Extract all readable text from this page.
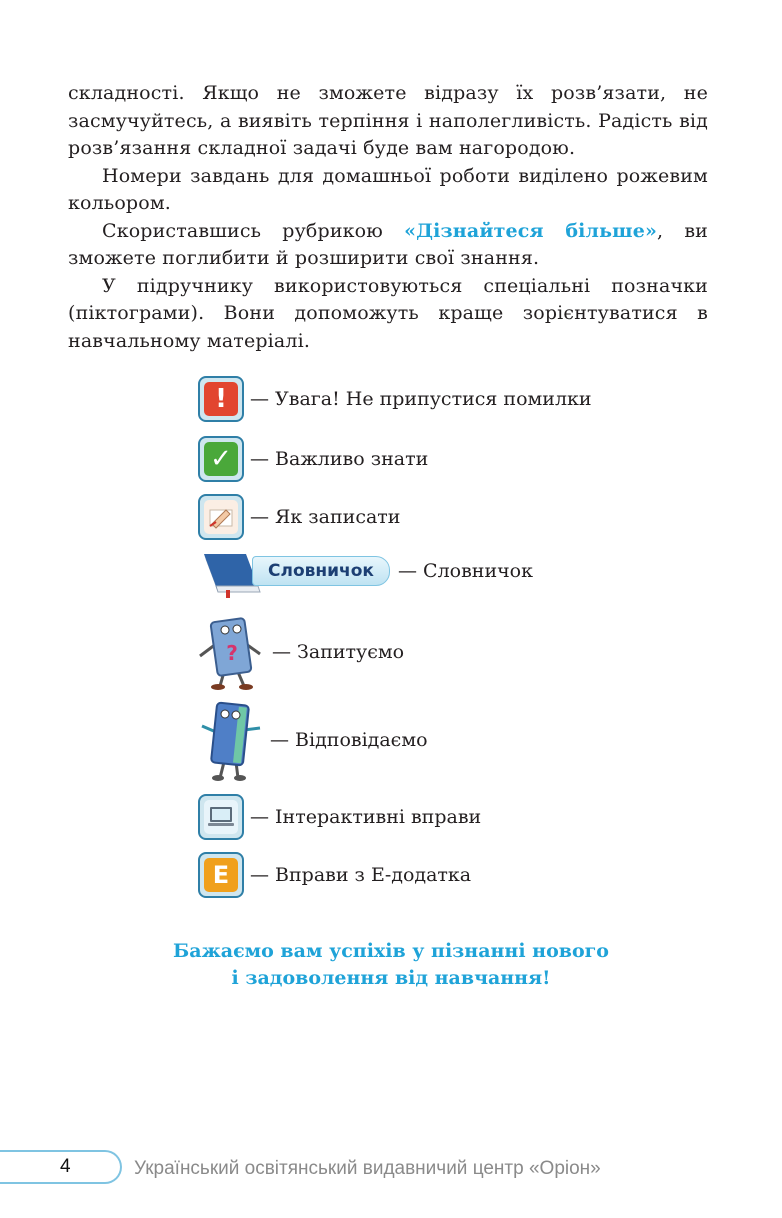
складності. Якщо не зможете відразу їх розв’язати, не засмучуйтесь, а виявіть терпіння і наполегливість. Радість від розв’язання складної задачі буде вам нагородою.

Номери завдань для домашньої роботи виділено рожевим кольором.

Скориставшись рубрикою «Дізнайтеся більше», ви зможете поглибити й розширити свої знання.

У підручнику використовуються спеціальні позначки (піктограми). Вони допоможуть краще зорієнтуватися в навчальному матеріалі.

!	— Увага! Не припустися помилки
✓ — Важливо знати
— Як записати
Словничок	— Словничок
? — Запитуємо
— Відповідаємо
— Інтерактивні вправи
E	— Вправи з Е-додатка
Бажаємо вам успіхів у пізнанні нового
і задоволення від навчання!
4	Український освітянський видавничий центр «Оріон»
